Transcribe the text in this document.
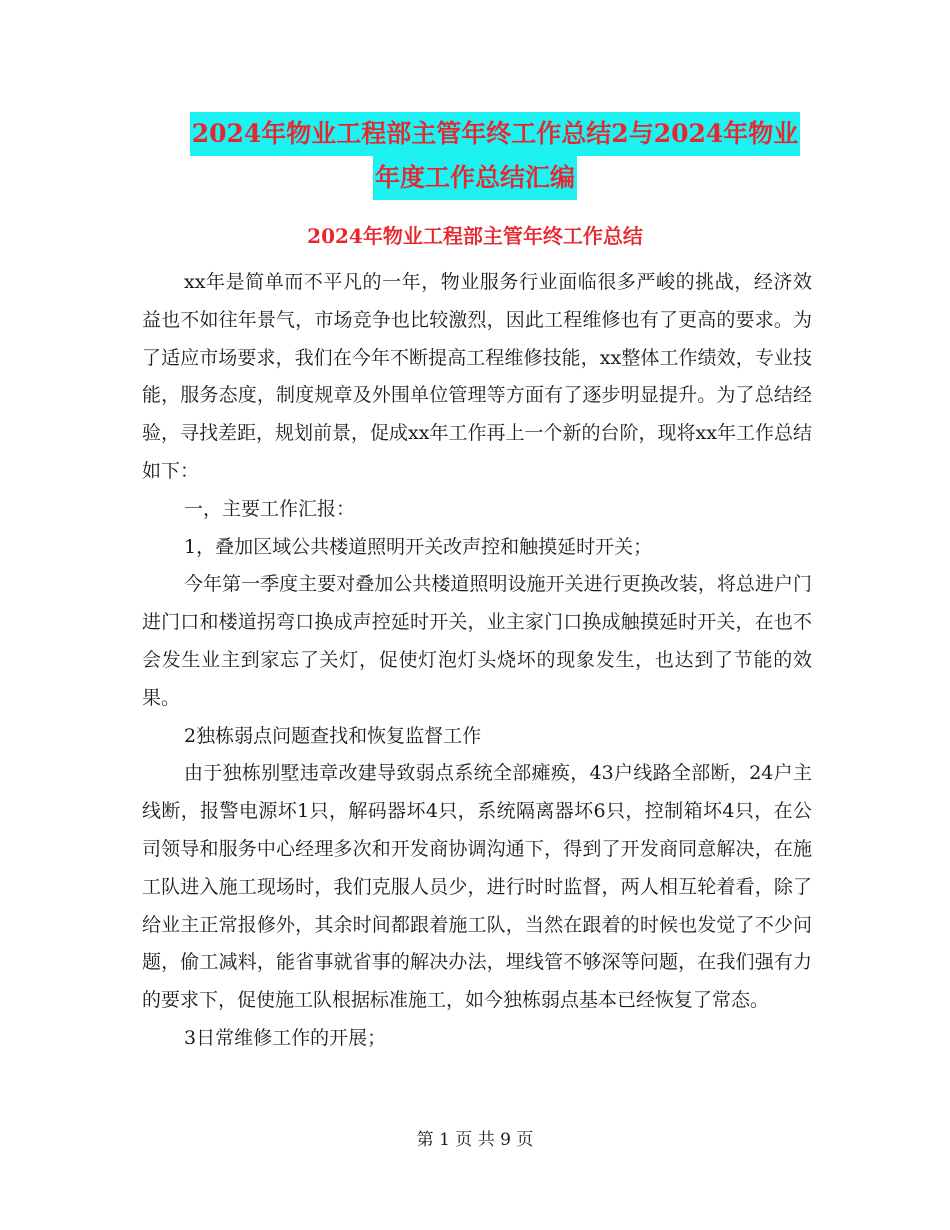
2024年物业工程部主管年终工作总结2与2024年物业
年度工作总结汇编
2024年物业工程部主管年终工作总结

xx年是简单而不平凡的一年，物业服务行业面临很多严峻的挑战，经济效益也不如往年景气，市场竞争也比较激烈，因此工程维修也有了更高的要求。为了适应市场要求，我们在今年不断提高工程维修技能，xx整体工作绩效，专业技能，服务态度，制度规章及外围单位管理等方面有了逐步明显提升。为了总结经验，寻找差距，规划前景，促成xx年工作再上一个新的台阶，现将xx年工作总结如下：

一，主要工作汇报：

1，叠加区域公共楼道照明开关改声控和触摸延时开关；

今年第一季度主要对叠加公共楼道照明设施开关进行更换改装，将总进户门进门口和楼道拐弯口换成声控延时开关，业主家门口换成触摸延时开关，在也不会发生业主到家忘了关灯，促使灯泡灯头烧坏的现象发生，也达到了节能的效果。

2独栋弱点问题查找和恢复监督工作

由于独栋别墅违章改建导致弱点系统全部瘫痪，43户线路全部断，24户主线断，报警电源坏1只，解码器坏4只，系统隔离器坏6只，控制箱坏4只，在公司领导和服务中心经理多次和开发商协调沟通下，得到了开发商同意解决，在施工队进入施工现场时，我们克服人员少，进行时时监督，两人相互轮着看，除了给业主正常报修外，其余时间都跟着施工队，当然在跟着的时候也发觉了不少问题，偷工减料，能省事就省事的解决办法，埋线管不够深等问题，在我们强有力的要求下，促使施工队根据标准施工，如今独栋弱点基本已经恢复了常态。

3日常维修工作的开展；

第 1 页 共 9 页
